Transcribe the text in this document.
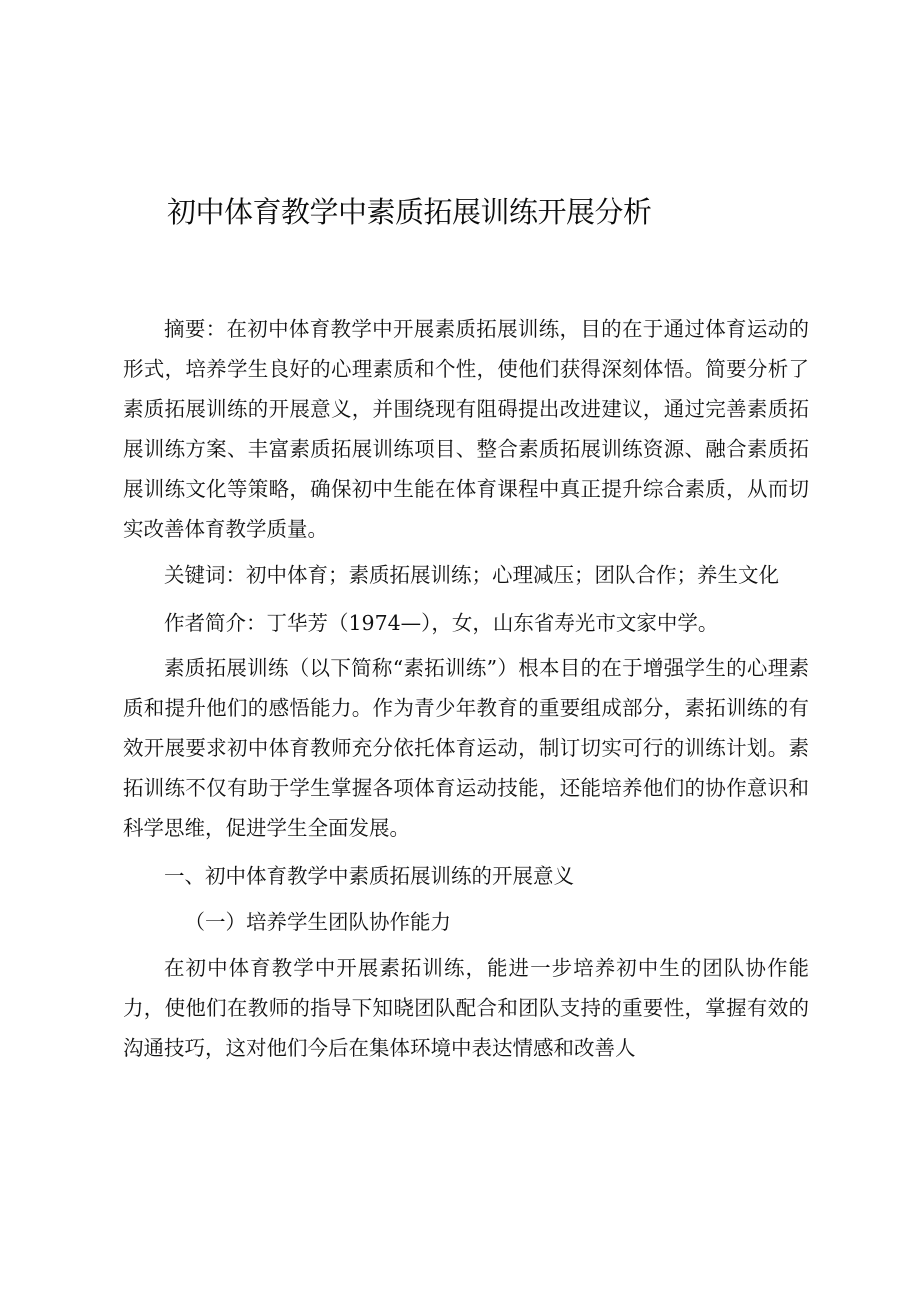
初中体育教学中素质拓展训练开展分析

摘要：在初中体育教学中开展素质拓展训练，目的在于通过体育运动的形式，培养学生良好的心理素质和个性，使他们获得深刻体悟。简要分析了素质拓展训练的开展意义，并围绕现有阻碍提出改进建议，通过完善素质拓展训练方案、丰富素质拓展训练项目、整合素质拓展训练资源、融合素质拓展训练文化等策略，确保初中生能在体育课程中真正提升综合素质，从而切实改善体育教学质量。

关键词：初中体育；素质拓展训练；心理减压；团队合作；养生文化

作者简介：丁华芳（1974—），女，山东省寿光市文家中学。

素质拓展训练（以下简称“素拓训练”）根本目的在于增强学生的心理素质和提升他们的感悟能力。作为青少年教育的重要组成部分，素拓训练的有效开展要求初中体育教师充分依托体育运动，制订切实可行的训练计划。素拓训练不仅有助于学生掌握各项体育运动技能，还能培养他们的协作意识和科学思维，促进学生全面发展。

一、初中体育教学中素质拓展训练的开展意义

（一）培养学生团队协作能力

在初中体育教学中开展素拓训练，能进一步培养初中生的团队协作能力，使他们在教师的指导下知晓团队配合和团队支持的重要性，掌握有效的沟通技巧，这对他们今后在集体环境中表达情感和改善人
